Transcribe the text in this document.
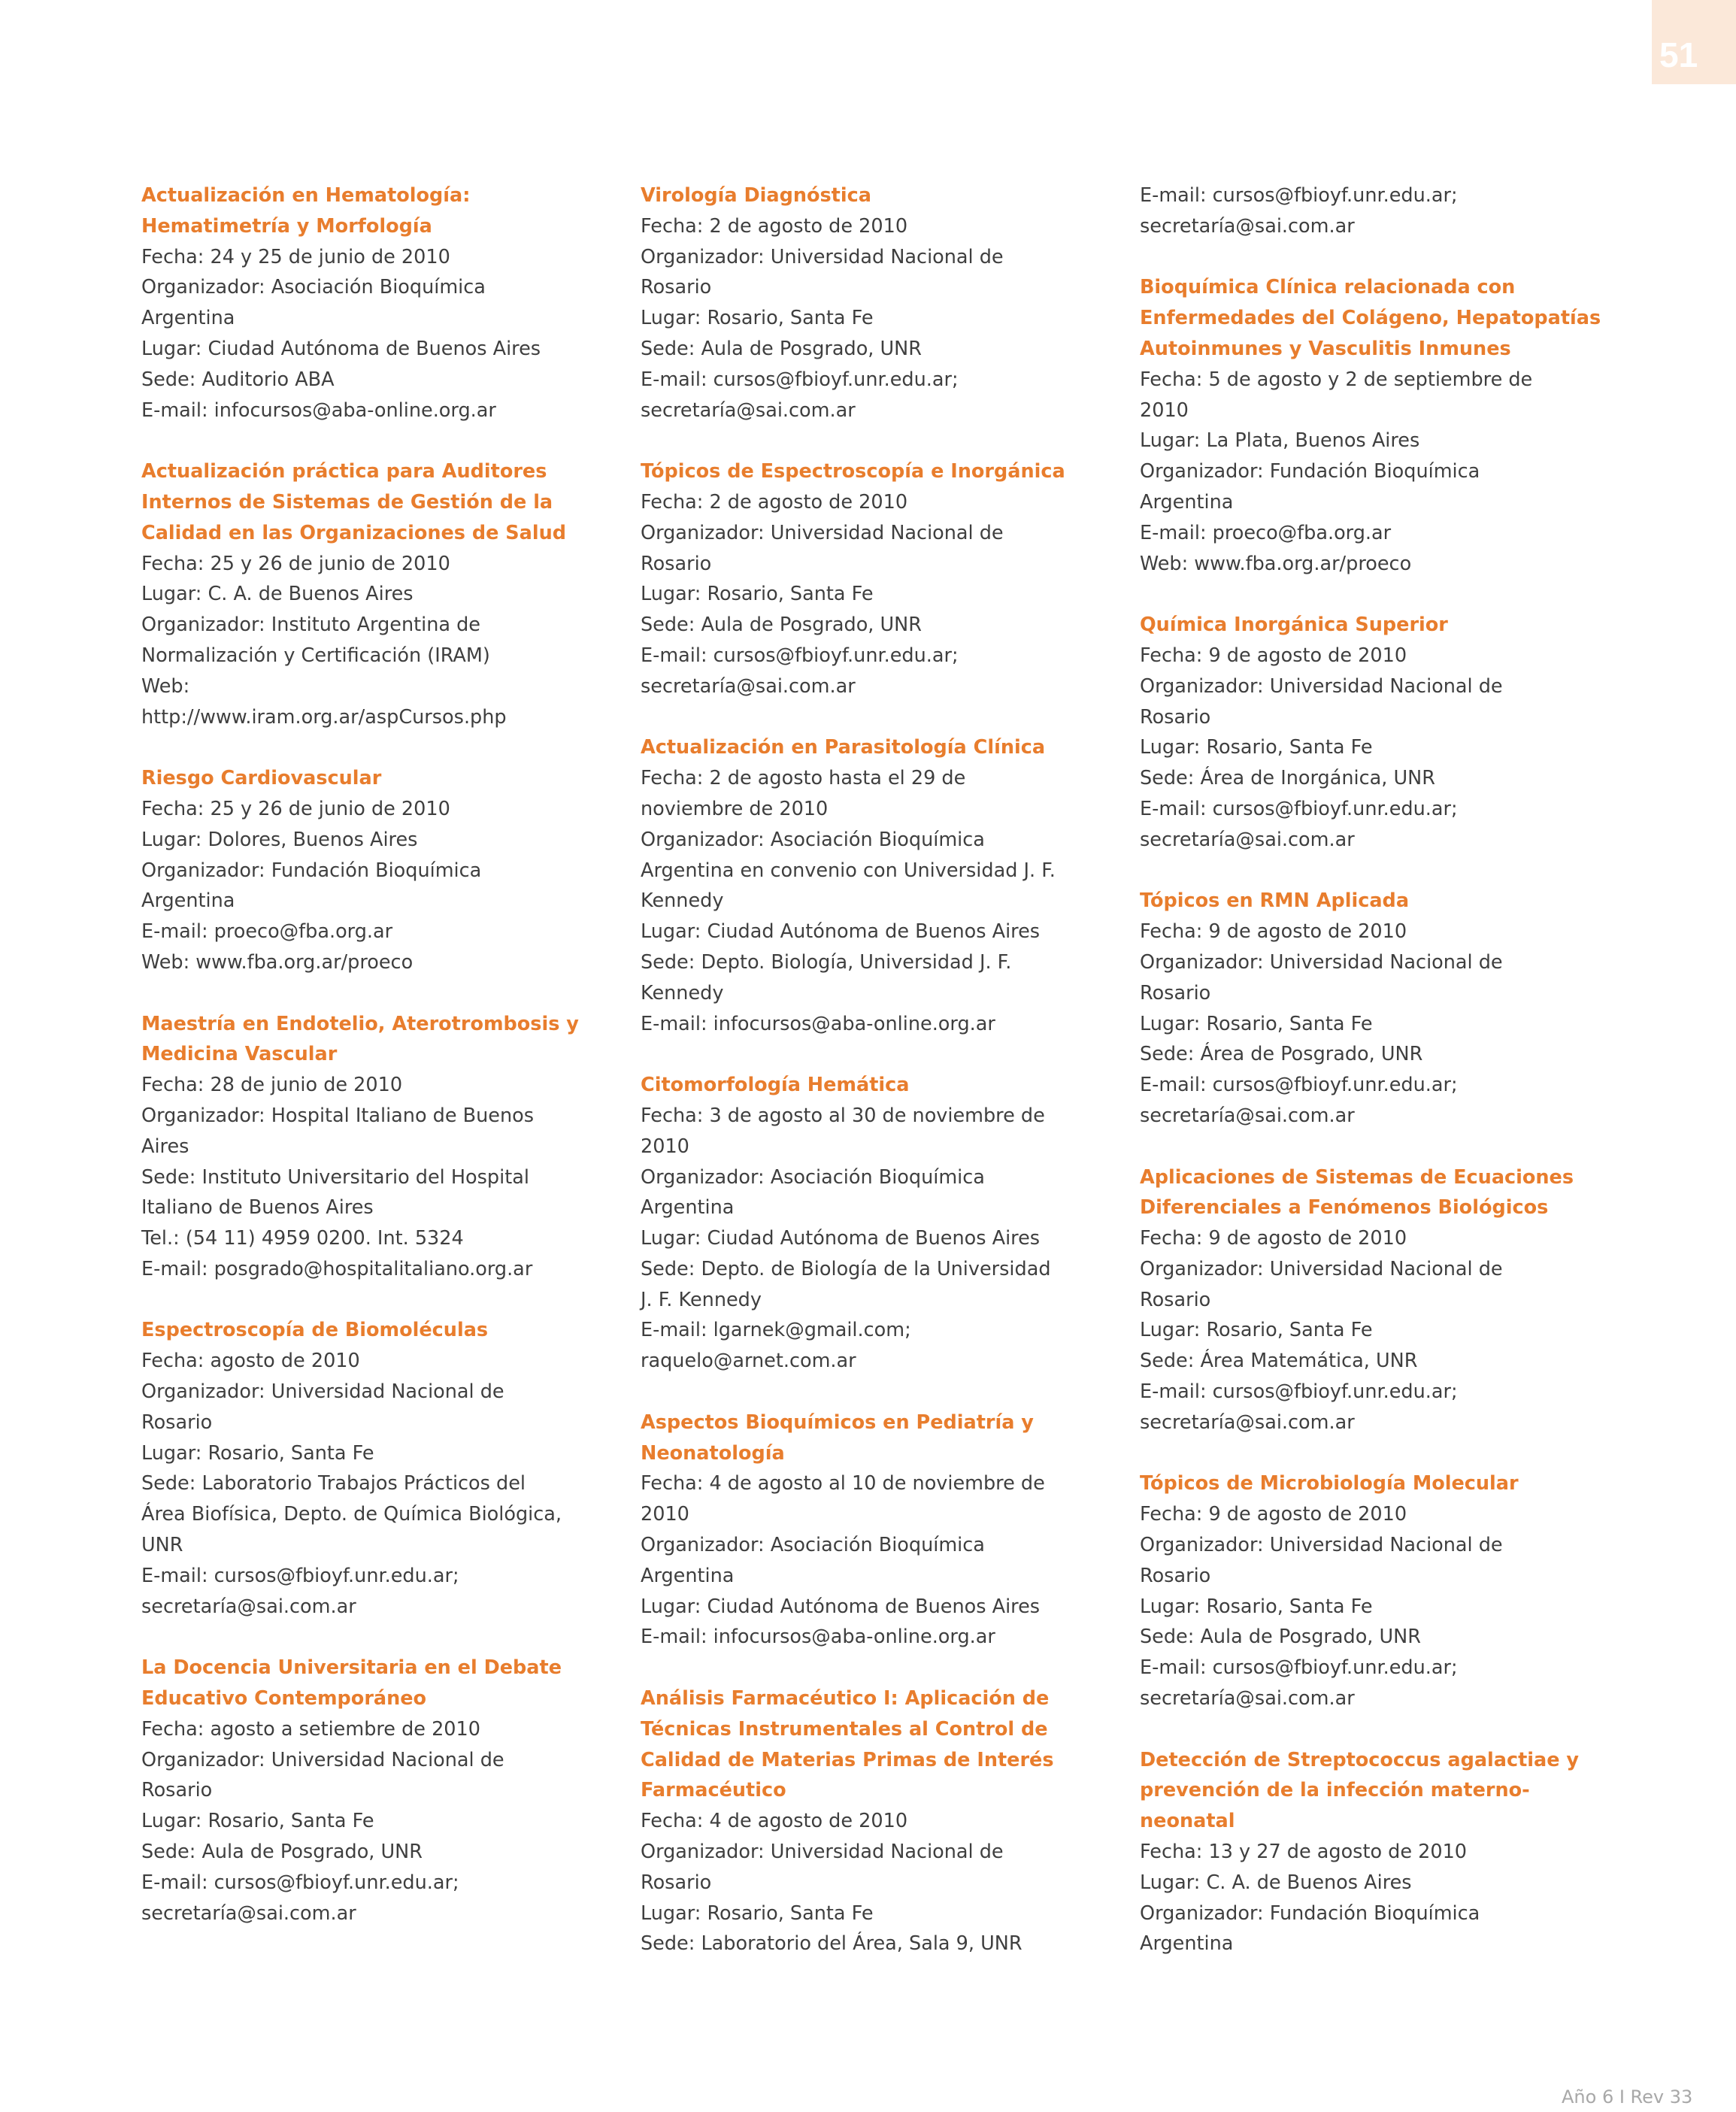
51
Actualización en Hematología:
Hematimetría y Morfología
Fecha: 24 y 25 de junio de 2010
Organizador: Asociación Bioquímica
Argentina
Lugar: Ciudad Autónoma de Buenos Aires
Sede: Auditorio ABA
E-mail: infocursos@aba-online.org.ar
Actualización práctica para Auditores
Internos de Sistemas de Gestión de la
Calidad en las Organizaciones de Salud
Fecha: 25 y 26 de junio de 2010
Lugar: C. A. de Buenos Aires
Organizador: Instituto Argentina de
Normalización y Certificación (IRAM)
Web:
http://www.iram.org.ar/aspCursos.php
Riesgo Cardiovascular
Fecha: 25 y 26 de junio de 2010
Lugar: Dolores, Buenos Aires
Organizador: Fundación Bioquímica
Argentina
E-mail: proeco@fba.org.ar
Web: www.fba.org.ar/proeco
Maestría en Endotelio, Aterotrombosis y
Medicina Vascular
Fecha: 28 de junio de 2010
Organizador: Hospital Italiano de Buenos
Aires
Sede: Instituto Universitario del Hospital
Italiano de Buenos Aires
Tel.: (54 11) 4959 0200. Int. 5324
E-mail: posgrado@hospitalitaliano.org.ar
Espectroscopía de Biomoléculas
Fecha: agosto de 2010
Organizador: Universidad Nacional de
Rosario
Lugar: Rosario, Santa Fe
Sede: Laboratorio Trabajos Prácticos del
Área Biofísica, Depto. de Química Biológica,
UNR
E-mail: cursos@fbioyf.unr.edu.ar;
secretaría@sai.com.ar
La Docencia Universitaria en el Debate
Educativo Contemporáneo
Fecha: agosto a setiembre de 2010
Organizador: Universidad Nacional de
Rosario
Lugar: Rosario, Santa Fe
Sede: Aula de Posgrado, UNR
E-mail: cursos@fbioyf.unr.edu.ar;
secretaría@sai.com.ar
Virología Diagnóstica
Fecha: 2 de agosto de 2010
Organizador: Universidad Nacional de
Rosario
Lugar: Rosario, Santa Fe
Sede: Aula de Posgrado, UNR
E-mail: cursos@fbioyf.unr.edu.ar;
secretaría@sai.com.ar
Tópicos de Espectroscopía e Inorgánica
Fecha: 2 de agosto de 2010
Organizador: Universidad Nacional de
Rosario
Lugar: Rosario, Santa Fe
Sede: Aula de Posgrado, UNR
E-mail: cursos@fbioyf.unr.edu.ar;
secretaría@sai.com.ar
Actualización en Parasitología Clínica
Fecha: 2 de agosto hasta el 29 de
noviembre de 2010
Organizador: Asociación Bioquímica
Argentina en convenio con Universidad J. F.
Kennedy
Lugar: Ciudad Autónoma de Buenos Aires
Sede: Depto. Biología, Universidad J. F.
Kennedy
E-mail: infocursos@aba-online.org.ar
Citomorfología Hemática
Fecha: 3 de agosto al 30 de noviembre de
2010
Organizador: Asociación Bioquímica
Argentina
Lugar: Ciudad Autónoma de Buenos Aires
Sede: Depto. de Biología de la Universidad
J. F. Kennedy
E-mail: lgarnek@gmail.com;
raquelo@arnet.com.ar
Aspectos Bioquímicos en Pediatría y
Neonatología
Fecha: 4 de agosto al 10 de noviembre de
2010
Organizador: Asociación Bioquímica
Argentina
Lugar: Ciudad Autónoma de Buenos Aires
E-mail: infocursos@aba-online.org.ar
Análisis Farmacéutico I: Aplicación de
Técnicas Instrumentales al Control de
Calidad de Materias Primas de Interés
Farmacéutico
Fecha: 4 de agosto de 2010
Organizador: Universidad Nacional de
Rosario
Lugar: Rosario, Santa Fe
Sede: Laboratorio del Área, Sala 9, UNR
E-mail: cursos@fbioyf.unr.edu.ar;
secretaría@sai.com.ar
Bioquímica Clínica relacionada con
Enfermedades del Colágeno, Hepatopatías
Autoinmunes y Vasculitis Inmunes
Fecha: 5 de agosto y 2 de septiembre de
2010
Lugar: La Plata, Buenos Aires
Organizador: Fundación Bioquímica
Argentina
E-mail: proeco@fba.org.ar
Web: www.fba.org.ar/proeco
Química Inorgánica Superior
Fecha: 9 de agosto de 2010
Organizador: Universidad Nacional de
Rosario
Lugar: Rosario, Santa Fe
Sede: Área de Inorgánica, UNR
E-mail: cursos@fbioyf.unr.edu.ar;
secretaría@sai.com.ar
Tópicos en RMN Aplicada
Fecha: 9 de agosto de 2010
Organizador: Universidad Nacional de
Rosario
Lugar: Rosario, Santa Fe
Sede: Área de Posgrado, UNR
E-mail: cursos@fbioyf.unr.edu.ar;
secretaría@sai.com.ar
Aplicaciones de Sistemas de Ecuaciones
Diferenciales a Fenómenos Biológicos
Fecha: 9 de agosto de 2010
Organizador: Universidad Nacional de
Rosario
Lugar: Rosario, Santa Fe
Sede: Área Matemática, UNR
E-mail: cursos@fbioyf.unr.edu.ar;
secretaría@sai.com.ar
Tópicos de Microbiología Molecular
Fecha: 9 de agosto de 2010
Organizador: Universidad Nacional de
Rosario
Lugar: Rosario, Santa Fe
Sede: Aula de Posgrado, UNR
E-mail: cursos@fbioyf.unr.edu.ar;
secretaría@sai.com.ar
Detección de Streptococcus agalactiae y
prevención de la infección materno-
neonatal
Fecha: 13 y 27 de agosto de 2010
Lugar: C. A. de Buenos Aires
Organizador: Fundación Bioquímica
Argentina
Año 6 I Rev 33
